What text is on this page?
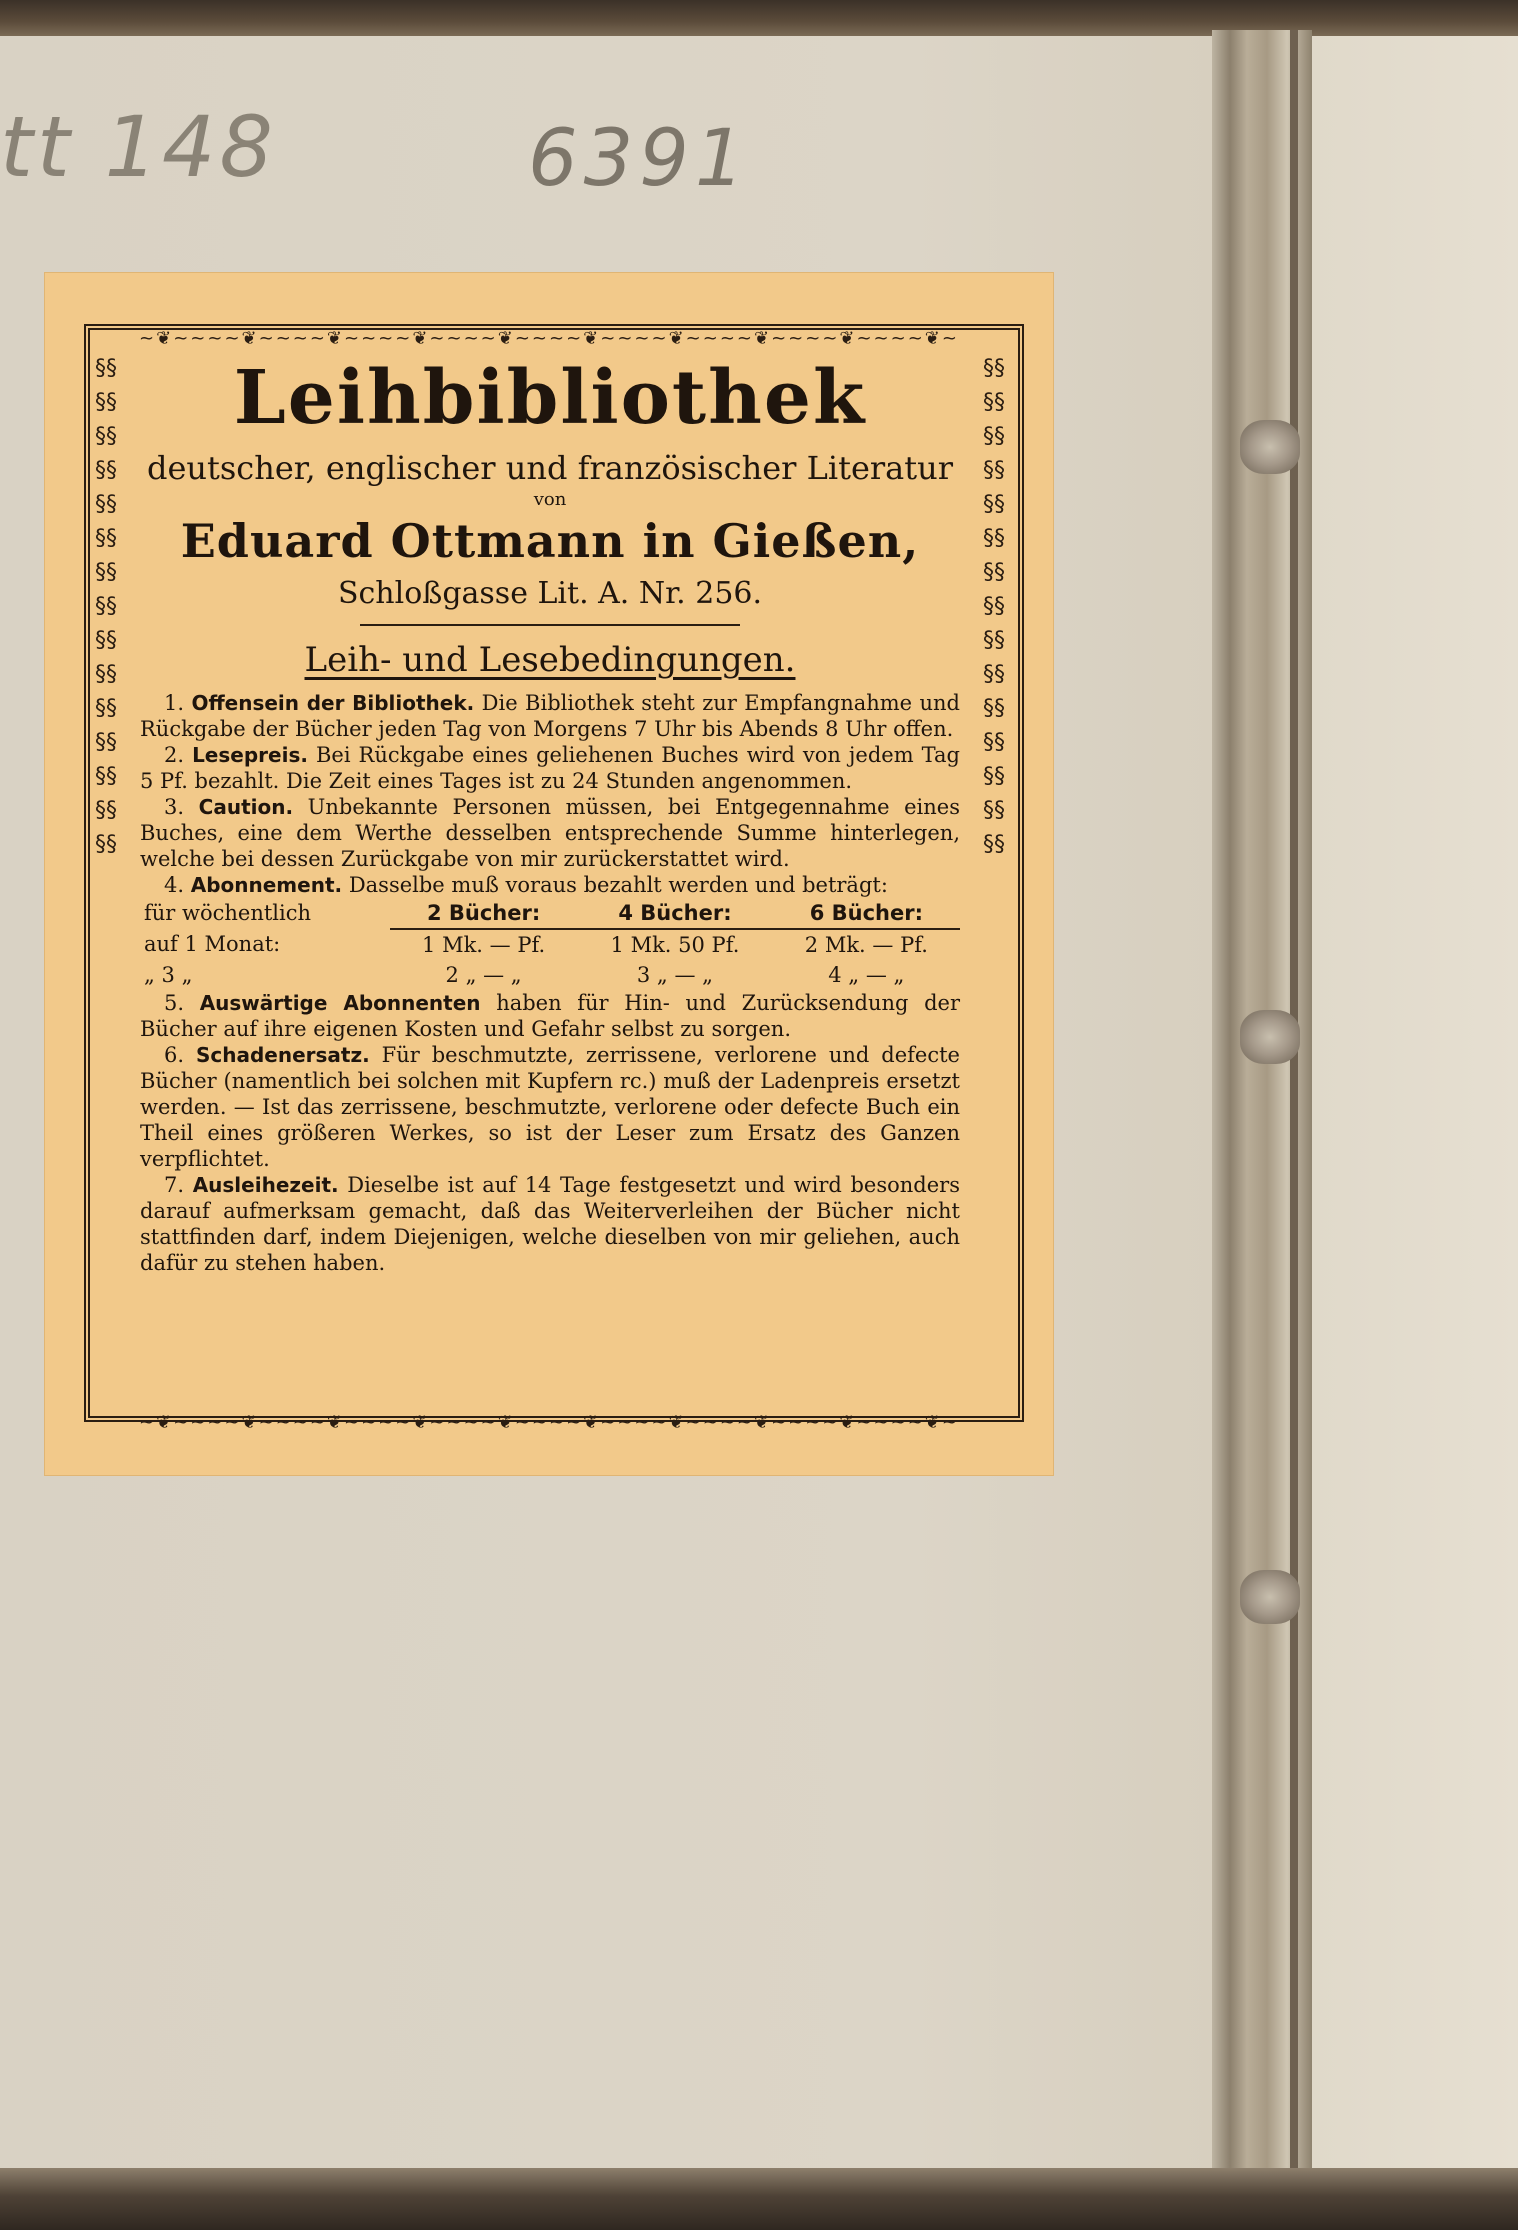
tt 148	6391
~❦~~~~❦~~~~❦~~~~❦~~~~❦~~~~❦~~~~❦~~~~❦~~~~❦~~~~❦~
~❦~~~~❦~~~~❦~~~~❦~~~~❦~~~~❦~~~~❦~~~~❦~~~~❦~~~~❦~
§§§§§§§§§§§§§§§§§§§§§§§§§§§§§§
§§§§§§§§§§§§§§§§§§§§§§§§§§§§§§

Leihbibliothek

deutscher, englischer und französischer Literatur

von

Eduard Ottmann in Gießen,

Schloßgasse Lit. A. Nr. 256.

Leih- und Lesebedingungen.

1. Offensein der Bibliothek. Die Bibliothek steht zur Empfangnahme und Rückgabe der Bücher jeden Tag von Morgens 7 Uhr bis Abends 8 Uhr offen.

2. Lesepreis. Bei Rückgabe eines geliehenen Buches wird von jedem Tag 5 Pf. bezahlt. Die Zeit eines Tages ist zu 24 Stunden angenommen.

3. Caution. Unbekannte Personen müssen, bei Entgegennahme eines Buches, eine dem Werthe desselben entsprechende Summe hinterlegen, welche bei dessen Zurückgabe von mir zurückerstattet wird.

4. Abonnement. Dasselbe muß voraus bezahlt werden und beträgt:

für wöchentlich	2 Bücher:	4 Bücher:	6 Bücher:
auf 1 Monat:	1 Mk. — Pf.	1 Mk. 50 Pf.	2 Mk. — Pf.
„ 3 „	2 „ — „	3 „ — „	4 „ — „

5. Auswärtige Abonnenten haben für Hin- und Zurücksendung der Bücher auf ihre eigenen Kosten und Gefahr selbst zu sorgen.

6. Schadenersatz. Für beschmutzte, zerrissene, verlorene und defecte Bücher (namentlich bei solchen mit Kupfern rc.) muß der Ladenpreis ersetzt werden. — Ist das zerrissene, beschmutzte, verlorene oder defecte Buch ein Theil eines größeren Werkes, so ist der Leser zum Ersatz des Ganzen verpflichtet.

7. Ausleihezeit. Dieselbe ist auf 14 Tage festgesetzt und wird besonders darauf aufmerksam gemacht, daß das Weiterverleihen der Bücher nicht stattfinden darf, indem Diejenigen, welche dieselben von mir geliehen, auch dafür zu stehen haben.
